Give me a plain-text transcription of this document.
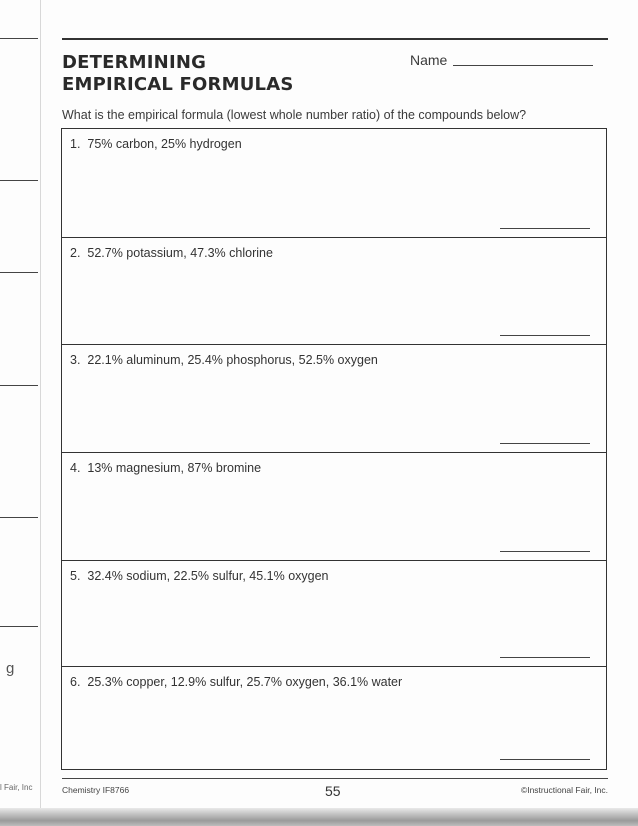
g
l Fair, Inc
DETERMINING
EMPIRICAL FORMULAS
Name
What is the empirical formula (lowest whole number ratio) of the compounds below?
1. 75% carbon, 25% hydrogen
2. 52.7% potassium, 47.3% chlorine
3. 22.1% aluminum, 25.4% phosphorus, 52.5% oxygen
4. 13% magnesium, 87% bromine
5. 32.4% sodium, 22.5% sulfur, 45.1% oxygen
6. 25.3% copper, 12.9% sulfur, 25.7% oxygen, 36.1% water
Chemistry IF8766	55	©Instructional Fair, Inc.
